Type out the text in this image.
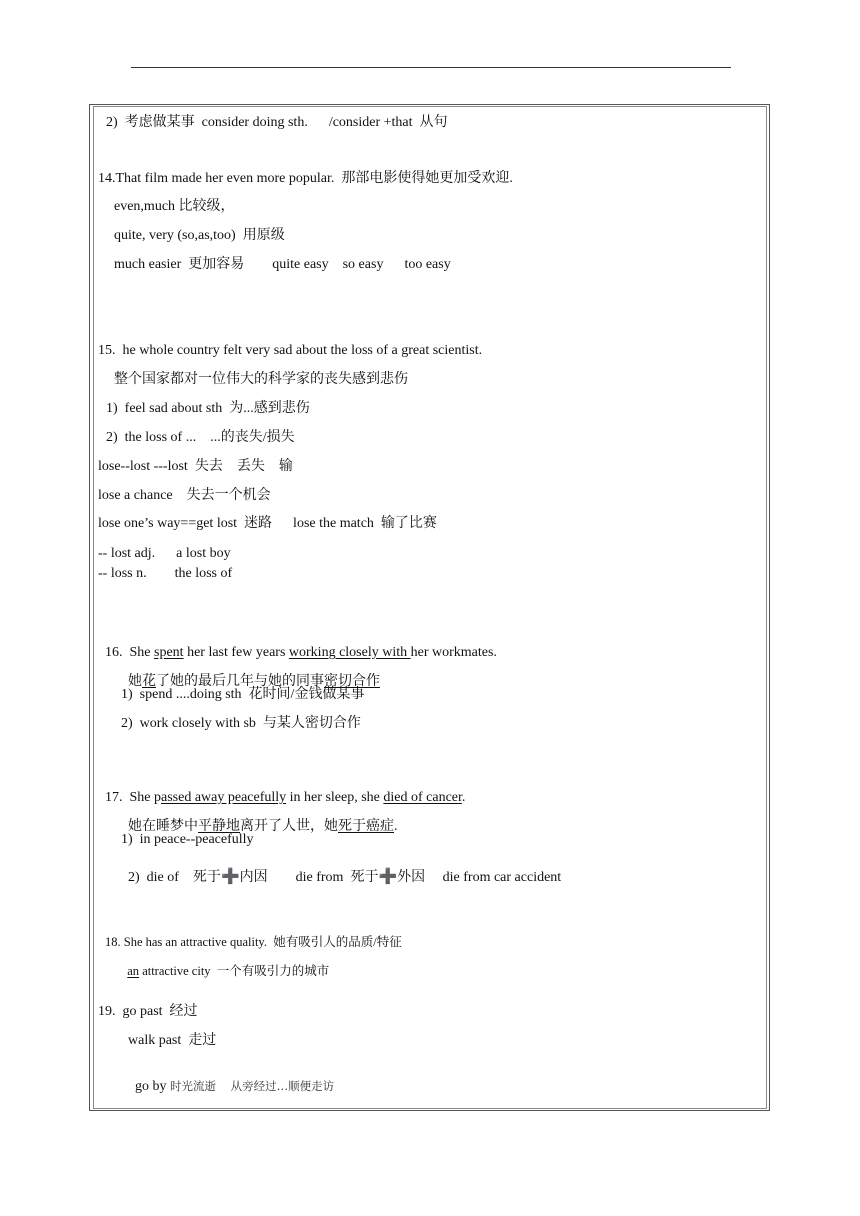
2)  考虑做某事  consider doing sth.      /consider +that  从句
14.That film made her even more popular.  那部电影使得她更加受欢迎.
even,much 比较级，
quite, very (so,as,too)  用原级
much easier  更加容易        quite easy    so easy      too easy
15.  he whole country felt very sad about the loss of a great scientist.
整个国家都对一位伟大的科学家的丧失感到悲伤
1)  feel sad about sth  为...感到悲伤
2)  the loss of ...    ...的丧失/损失
lose--lost ---lost  失去    丢失    输
lose a chance    失去一个机会
lose one’s way==get lost  迷路      lose the match  输了比赛
-- lost adj.      a lost boy
-- loss n.        the loss of

16.  She spent her last few years working closely with her workmates.

她花了她的最后几年与她的同事密切合作

1)  spend ....doing sth  花时间/金钱做某事
2)  work closely with sb  与某人密切合作

17.  She passed away peacefully in her sleep, she died of cancer.

她在睡梦中平静地离开了人世，她死于癌症.

1)  in peace--peacefully

2)  die of    死于➕内因        die from  死于➕外因     die from car accident

18. She has an attractive quality.  她有吸引人的品质/特征

an attractive city  一个有吸引力的城市

19.  go past  经过
walk past  走过

go by 时光流逝    从旁经过…顺便走访
